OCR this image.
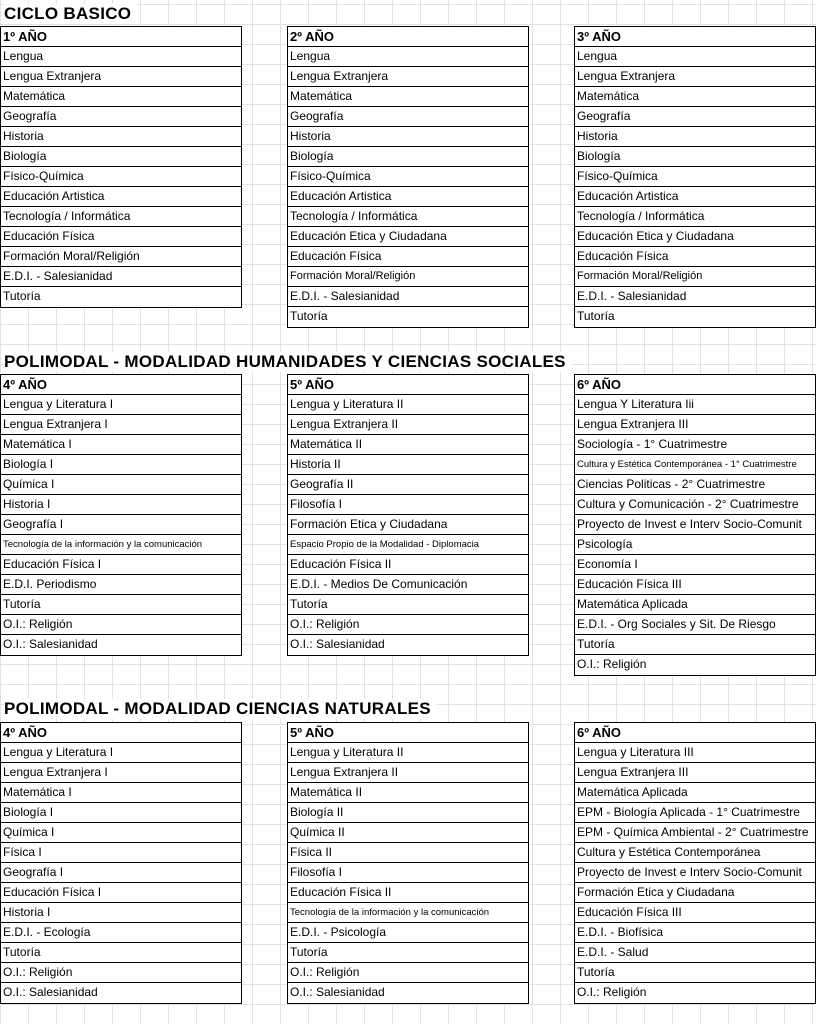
CICLO BASICO
1º AÑO
Lengua
Lengua Extranjera
Matemática
Geografía
Historia
Biología
Físico-Química
Educación Artistica
Tecnología / Informática
Educación Física
Formación Moral/Religión
E.D.I. - Salesianidad
Tutoría
2º AÑO
Lengua
Lengua Extranjera
Matemática
Geografía
Historia
Biología
Físico-Química
Educación Artistica
Tecnología / Informática
Educación Etica y Ciudadana
Educación Física
Formación Moral/Religión
E.D.I. - Salesianidad
Tutoría
3º AÑO
Lengua
Lengua Extranjera
Matemática
Geografía
Historia
Biología
Físico-Química
Educación Artistica
Tecnología / Informática
Educación Etica y Ciudadana
Educación Física
Formación Moral/Religión
E.D.I. - Salesianidad
Tutoría
POLIMODAL - MODALIDAD HUMANIDADES Y CIENCIAS SOCIALES
4º AÑO
Lengua y Literatura I
Lengua Extranjera I
Matemática I
Biología I
Química I
Historia I
Geografía I
Tecnología de la información y la comunicación
Educación Física I
E.D.I. Periodismo
Tutoría
O.I.: Religión
O.I.: Salesianidad
5º AÑO
Lengua y Literatura II
Lengua Extranjera II
Matemática II
Historia II
Geografía II
Filosofía I
Formación Etica y Ciudadana
Espacio Propio de la Modalidad - Diplomacia
Educación Física II
E.D.I. - Medios De Comunicación
Tutoría
O.I.: Religión
O.I.: Salesianidad
6º AÑO
Lengua Y Literatura Iii
Lengua Extranjera III
Sociología - 1° Cuatrimestre
Cultura y Estética Contemporánea - 1° Cuatrimestre
Ciencias Politicas - 2° Cuatrimestre
Cultura y Comunicación - 2° Cuatrimestre
Proyecto de Invest e Interv Socio-Comunit
Psicología
Economía I
Educación Física III
Matemática Aplicada
E.D.I. - Org Sociales y Sit. De Riesgo
Tutoría
O.I.: Religión
POLIMODAL - MODALIDAD CIENCIAS NATURALES
4º AÑO
Lengua y Literatura I
Lengua Extranjera I
Matemática I
Biología I
Química I
Física I
Geografía I
Educación Física I
Historia I
E.D.I. - Ecología
Tutoría
O.I.: Religión
O.I.: Salesianidad
5º AÑO
Lengua y Literatura II
Lengua Extranjera II
Matemática II
Biología II
Química II
Física II
Filosofía I
Educación Física II
Tecnología de la información y la comunicación
E.D.I. - Psicología
Tutoría
O.I.: Religión
O.I.: Salesianidad
6º AÑO
Lengua y Literatura III
Lengua Extranjera III
Matemática Aplicada
EPM - Biología Aplicada - 1° Cuatrimestre
EPM - Química Ambiental - 2° Cuatrimestre
Cultura y Estética Contemporánea
Proyecto de Invest e Interv Socio-Comunit
Formación Etica y Ciudadana
Educación Física III
E.D.I. - Biofísica
E.D.I. - Salud
Tutoría
O.I.: Religión
